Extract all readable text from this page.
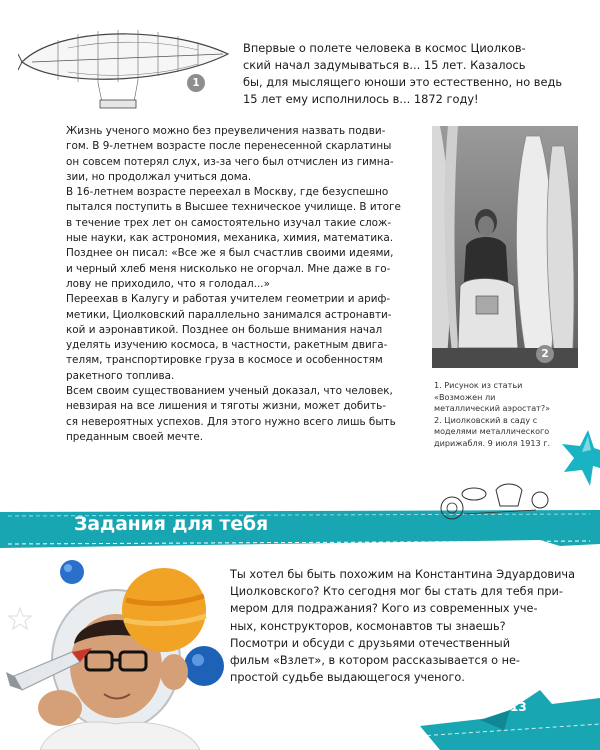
1

Впервые о полете человека в космос Циолков-

ский начал задумываться в... 15 лет. Казалось

бы, для мыслящего юноши это естественно, но ведь

15 лет ему исполнилось в... 1872 году!

Жизнь ученого можно без преувеличения назвать подви-

гом. В 9-летнем возрасте после перенесенной скарлатины

он совсем потерял слух, из-за чего был отчислен из гимна-

зии, но продолжал учиться дома.

В 16-летнем возрасте переехал в Москву, где безуспешно

пытался поступить в Высшее техническое училище. В итоге

в течение трех лет он самостоятельно изучал такие слож-

ные науки, как астрономия, механика, химия, математика.

Позднее он писал: «Все же я был счастлив своими идеями,

и черный хлеб меня нисколько не огорчал. Мне даже в го-

лову не приходило, что я голодал...»

Переехав в Калугу и работая учителем геометрии и ариф-

метики, Циолковский параллельно занимался астронавти-

кой и аэронавтикой. Позднее он больше внимания начал

уделять изучению космоса, в частности, ракетным двига-

телям, транспортировке груза в космосе и особенностям

ракетного топлива.

Всем своим существованием ученый доказал, что человек,

невзирая на все лишения и тяготы жизни, может добить-

ся невероятных успехов. Для этого нужно всего лишь быть

преданным своей мечте.

2

1. Рисунок из статьи

«Возможен ли

металлический аэростат?»

2. Циолковский в саду с

моделями металлического

дирижабля. 9 июля 1913 г.

Задания для тебя

Ты хотел бы быть похожим на Константина Эдуардовича

Циолковского? Кто сегодня мог бы стать для тебя при-

мером для подражания? Кого из современных уче-

ных, конструкторов, космонавтов ты знаешь?

Посмотри и обсуди с друзьями отечественный

фильм «Взлет», в котором рассказывается о не-

простой судьбе выдающегося ученого.

13
